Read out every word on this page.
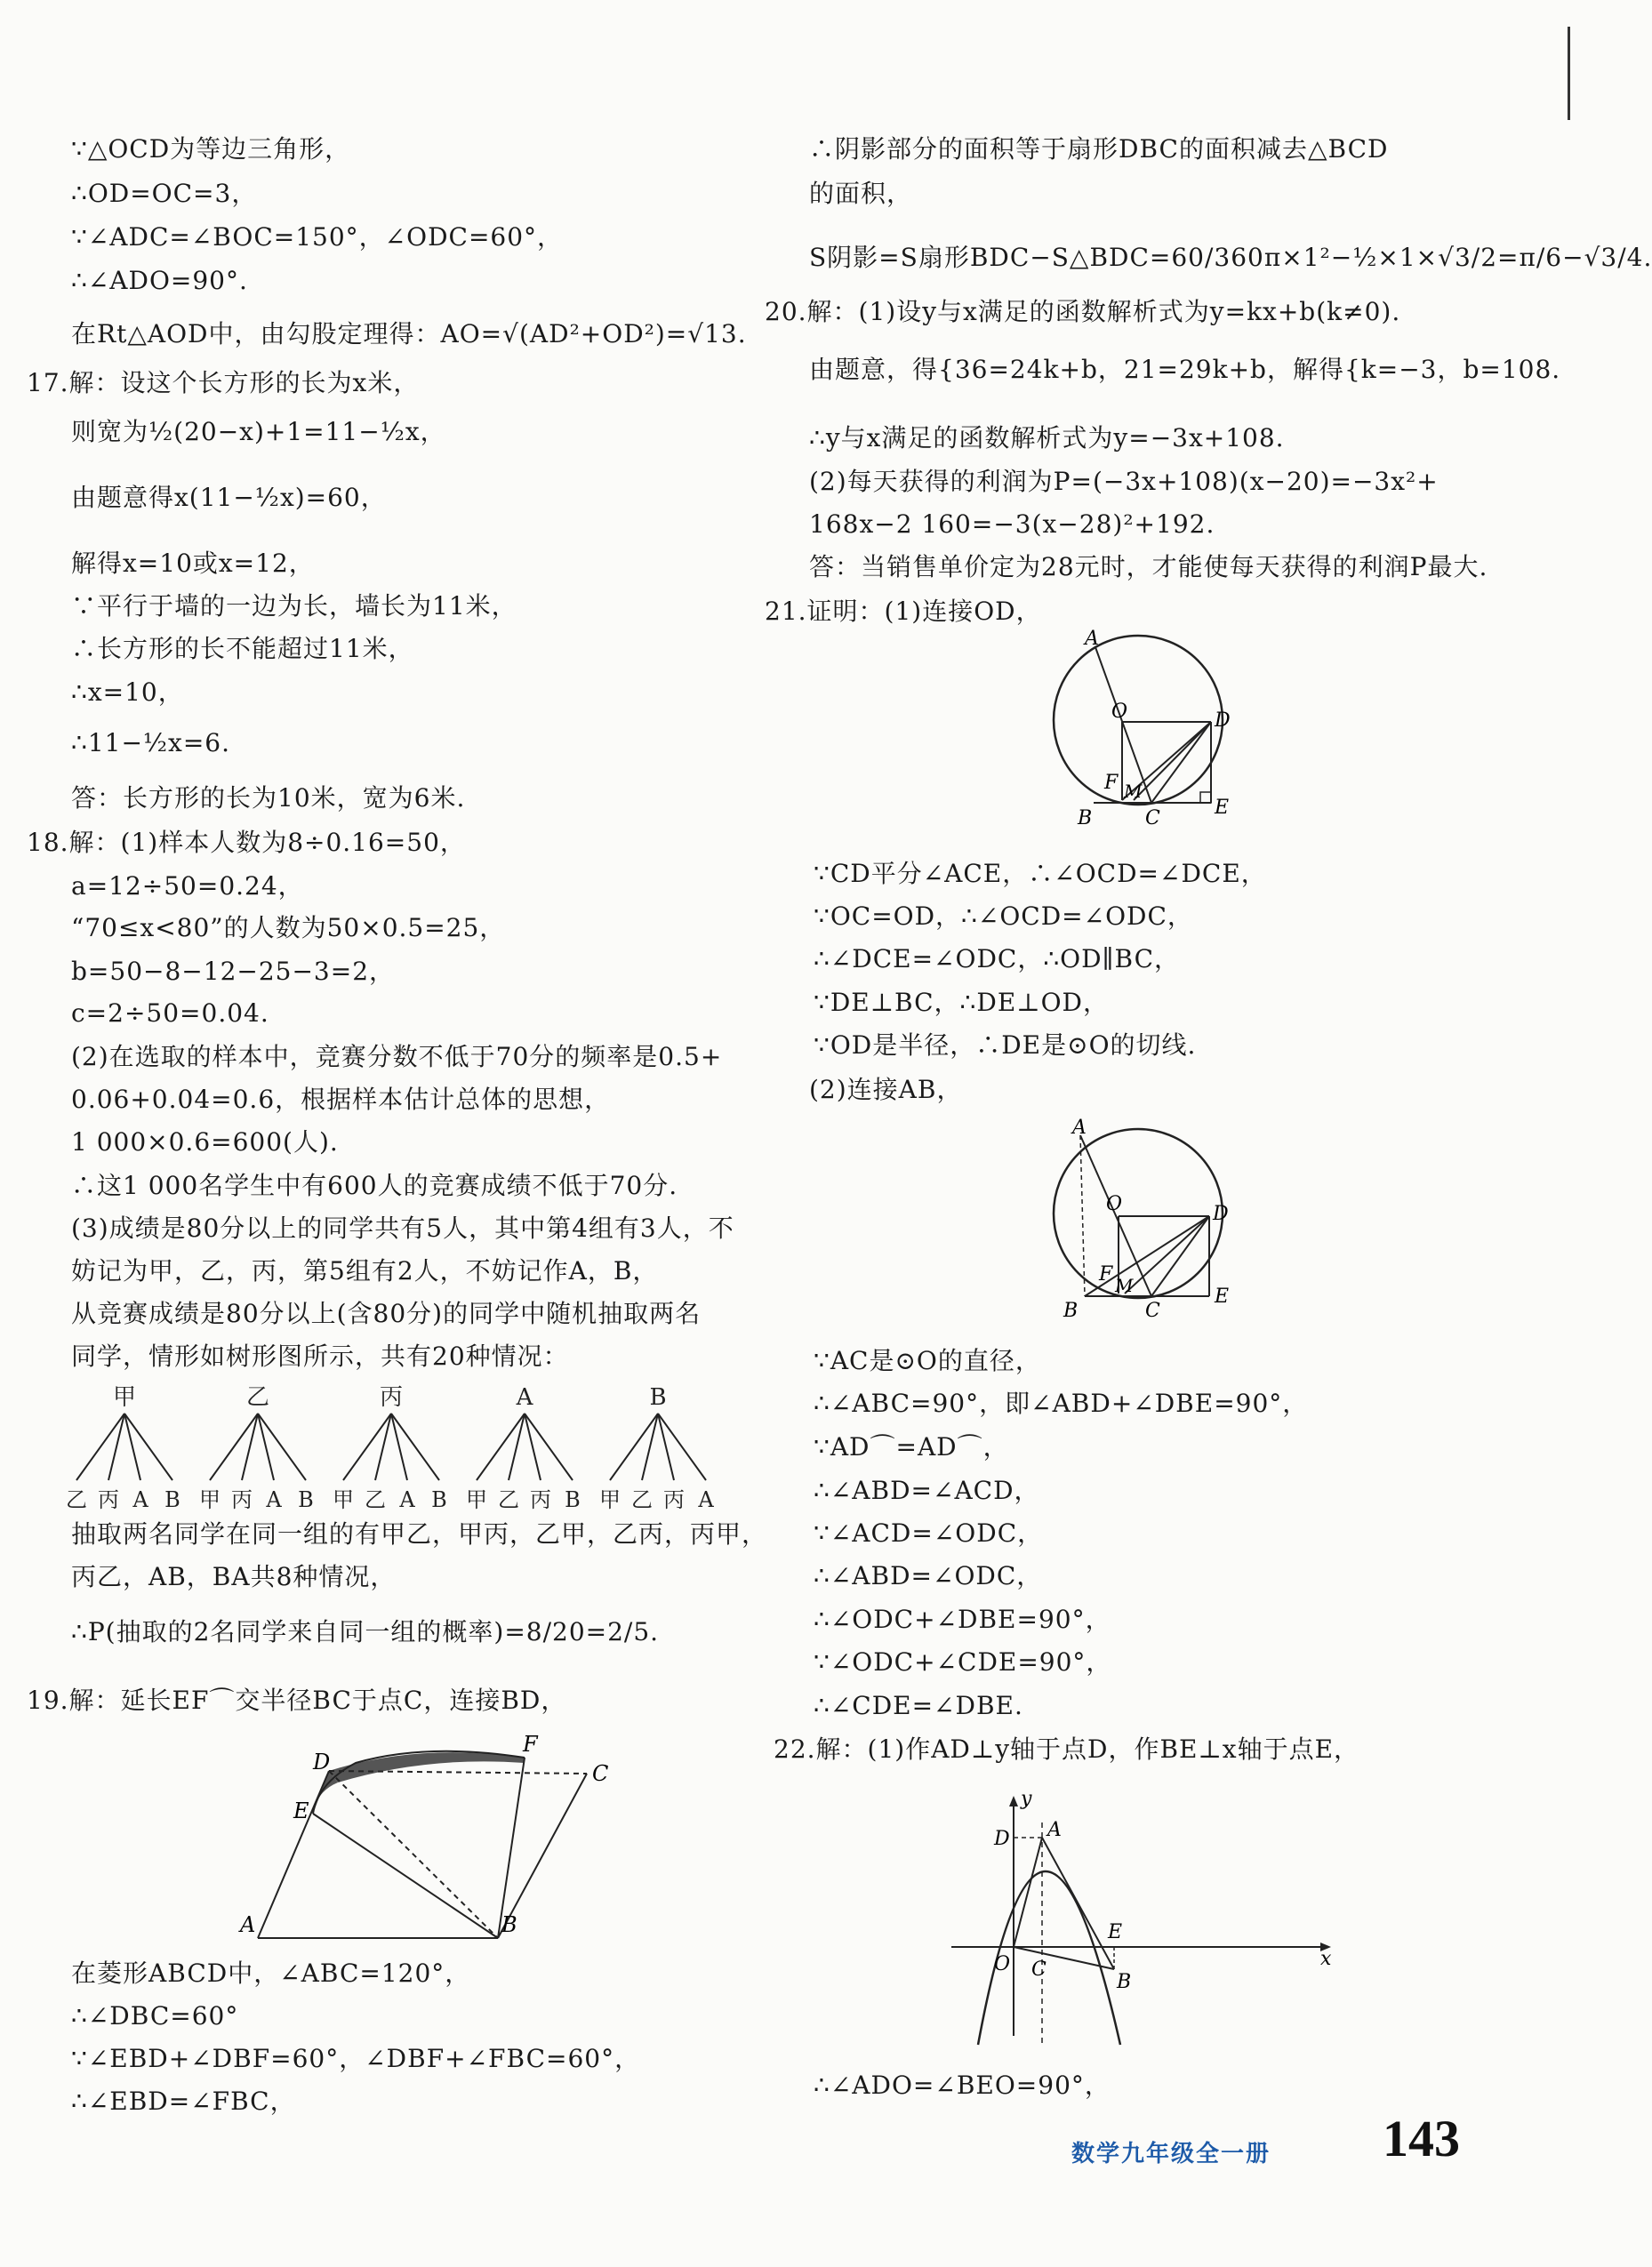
∵△OCD为等边三角形，
∴OD=OC=3，
∵∠ADC=∠BOC=150°，∠ODC=60°，
∴∠ADO=90°.
在Rt△AOD中，由勾股定理得：AO=√(AD²+OD²)=√13.
17.解：设这个长方形的长为x米，
则宽为½(20−x)+1=11−½x，
由题意得x(11−½x)=60，
解得x=10或x=12，
∵平行于墙的一边为长，墙长为11米，
∴长方形的长不能超过11米，
∴x=10，
∴11−½x=6.
答：长方形的长为10米，宽为6米.
18.解：(1)样本人数为8÷0.16=50，
a=12÷50=0.24，
“70≤x<80”的人数为50×0.5=25，
b=50−8−12−25−3=2，
c=2÷50=0.04.
(2)在选取的样本中，竞赛分数不低于70分的频率是0.5+
0.06+0.04=0.6，根据样本估计总体的思想，
1 000×0.6=600(人).
∴这1 000名学生中有600人的竞赛成绩不低于70分.
(3)成绩是80分以上的同学共有5人，其中第4组有3人，不
妨记为甲，乙，丙，第5组有2人，不妨记作A，B，
从竞赛成绩是80分以上(含80分)的同学中随机抽取两名
同学，情形如树形图所示，共有20种情况：
甲
乙 丙 A B
乙
甲 丙 A B
丙
甲 乙 A B
A
甲 乙 丙 B
B
甲 乙 丙 A
抽取两名同学在同一组的有甲乙，甲丙，乙甲，乙丙，丙甲，
丙乙，AB，BA共8种情况，
∴P(抽取的2名同学来自同一组的概率)=8/20=2/5.
19.解：延长EF⌒交半径BC于点C，连接BD，
D
F
C
E
A	B
在菱形ABCD中，∠ABC=120°，
∴∠DBC=60°
∵∠EBD+∠DBF=60°，∠DBF+∠FBC=60°，
∴∠EBD=∠FBC，
∴阴影部分的面积等于扇形DBC的面积减去△BCD
的面积，
S阴影=S扇形BDC−S△BDC=60/360π×1²−½×1×√3/2=π/6−√3/4.
20.解：(1)设y与x满足的函数解析式为y=kx+b(k≠0).
由题意，得{36=24k+b，21=29k+b，解得{k=−3，b=108.
∴y与x满足的函数解析式为y=−3x+108.
(2)每天获得的利润为P=(−3x+108)(x−20)=−3x²+
168x−2 160=−3(x−28)²+192.
答：当销售单价定为28元时，才能使每天获得的利润P最大.
21.证明：(1)连接OD，
A
O	D
F M
B	C	E
∵CD平分∠ACE，∴∠OCD=∠DCE，
∵OC=OD，∴∠OCD=∠ODC，
∴∠DCE=∠ODC，∴OD∥BC，
∵DE⊥BC，∴DE⊥OD，
∵OD是半径，∴DE是⊙O的切线.
(2)连接AB，
A
O	D
F M
B	C
E
∵AC是⊙O的直径，
∴∠ABC=90°，即∠ABD+∠DBE=90°，
∵AD⌒=AD⌒，
∴∠ABD=∠ACD，
∵∠ACD=∠ODC，
∴∠ABD=∠ODC，
∴∠ODC+∠DBE=90°，
∵∠ODC+∠CDE=90°，
∴∠CDE=∠DBE.
22.解：(1)作AD⊥y轴于点D，作BE⊥x轴于点E，
y
x
D A
E
O C
B
∴∠ADO=∠BEO=90°，
数学九年级全一册 143
